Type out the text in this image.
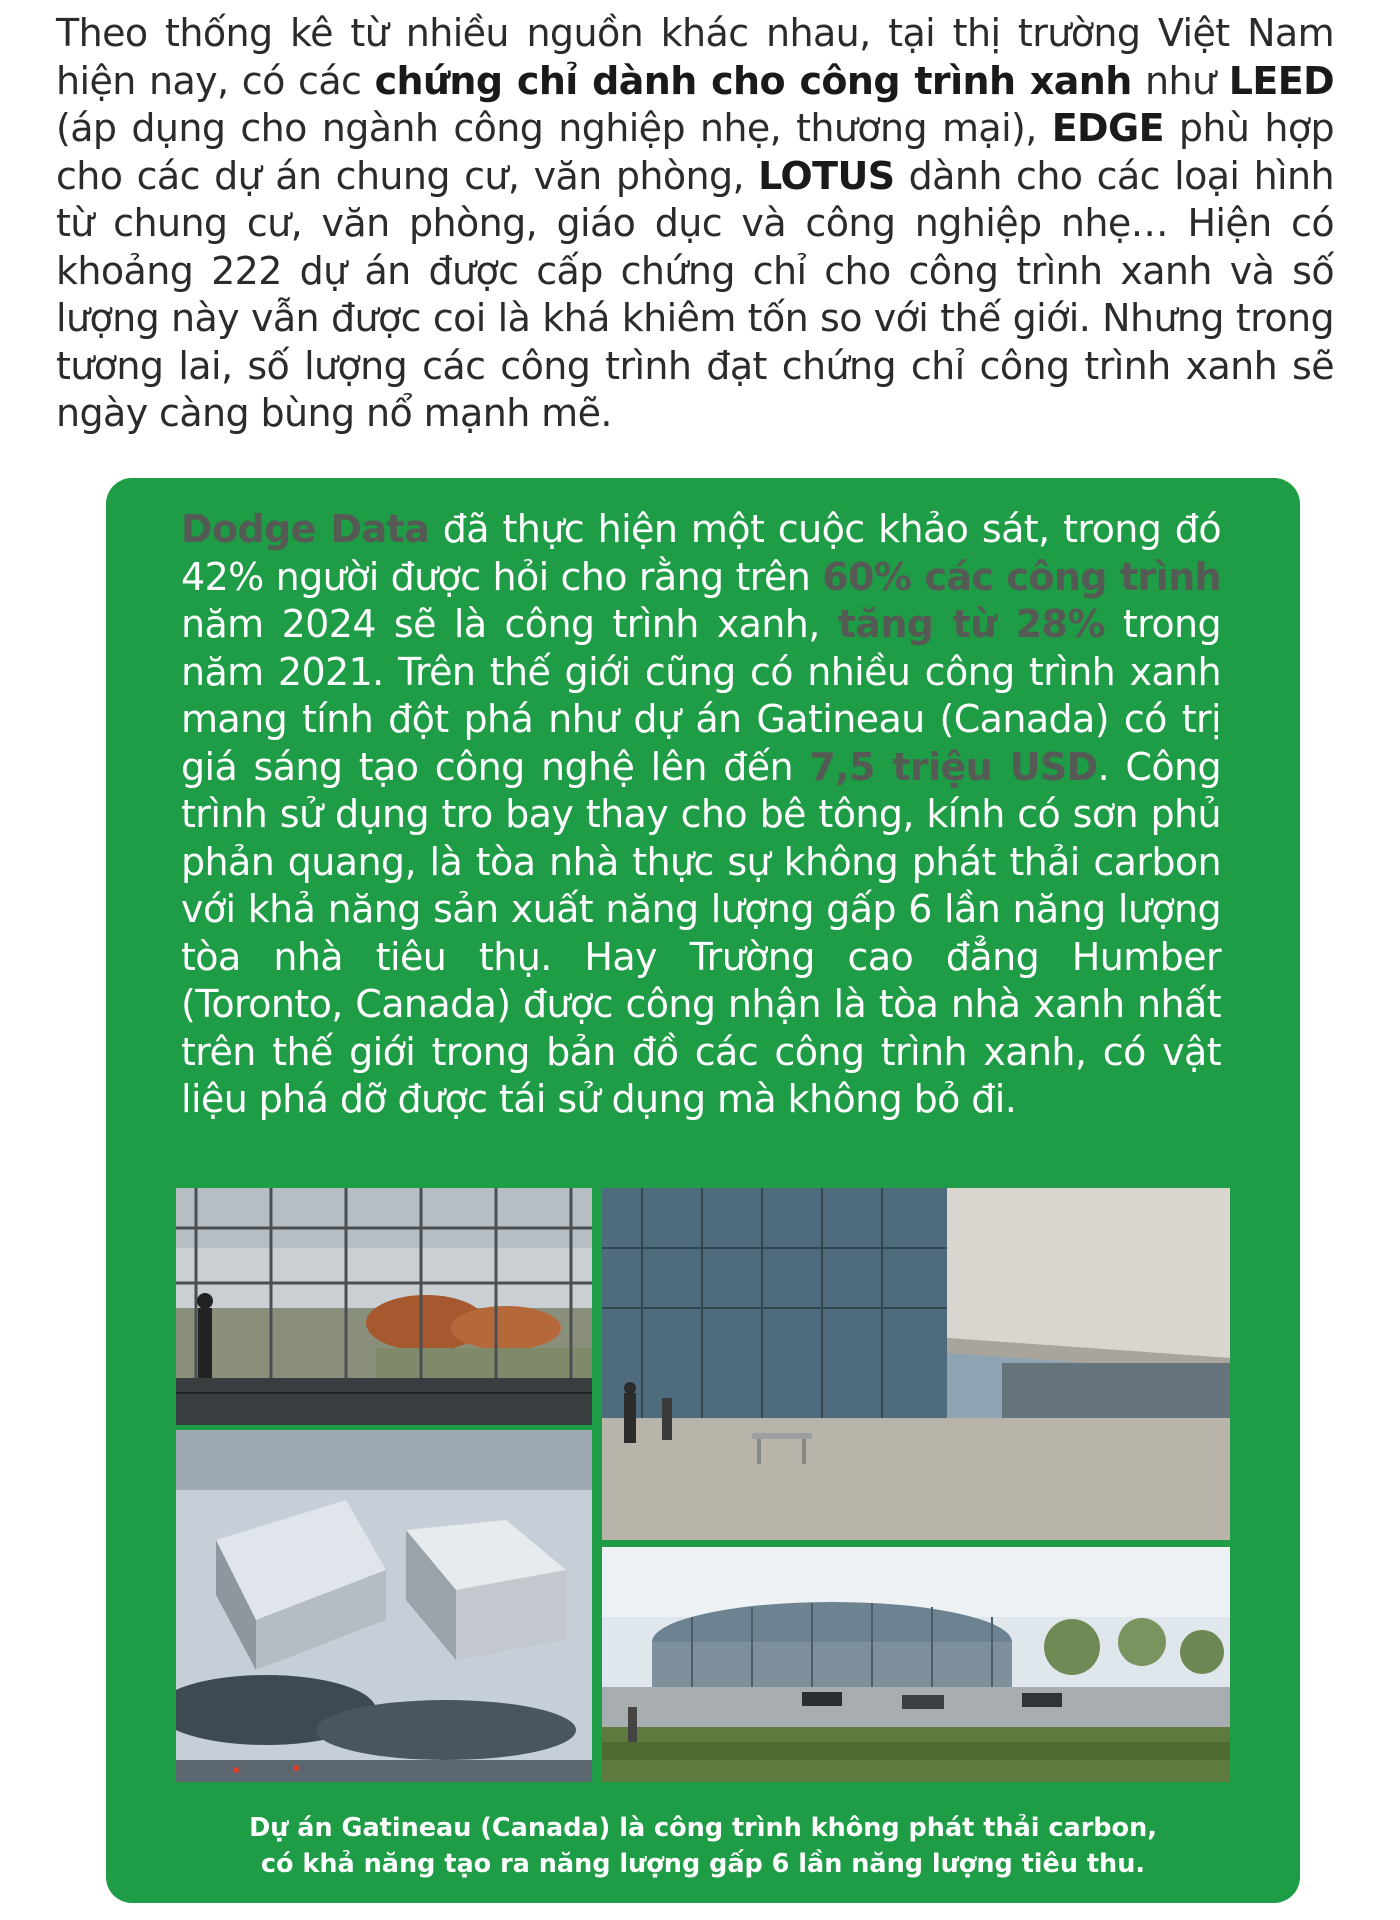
Theo thống kê từ nhiều nguồn khác nhau, tại thị trường Việt Nam hiện nay, có các chứng chỉ dành cho công trình xanh như LEED (áp dụng cho ngành công nghiệp nhẹ, thương mại), EDGE phù hợp cho các dự án chung cư, văn phòng, LOTUS dành cho các loại hình từ chung cư, văn phòng, giáo dục và công nghiệp nhẹ… Hiện có khoảng 222 dự án được cấp chứng chỉ cho công trình xanh và số lượng này vẫn được coi là khá khiêm tốn so với thế giới. Nhưng trong tương lai, số lượng các công trình đạt chứng chỉ công trình xanh sẽ ngày càng bùng nổ mạnh mẽ.
Dodge Data đã thực hiện một cuộc khảo sát, trong đó 42% người được hỏi cho rằng trên 60% các công trình năm 2024 sẽ là công trình xanh, tăng từ 28% trong năm 2021. Trên thế giới cũng có nhiều công trình xanh mang tính đột phá như dự án Gatineau (Canada) có trị giá sáng tạo công nghệ lên đến 7,5 triệu USD. Công trình sử dụng tro bay thay cho bê tông, kính có sơn phủ phản quang, là tòa nhà thực sự không phát thải carbon với khả năng sản xuất năng lượng gấp 6 lần năng lượng tòa nhà tiêu thụ. Hay Trường cao đẳng Humber (Toronto, Canada) được công nhận là tòa nhà xanh nhất trên thế giới trong bản đồ các công trình xanh, có vật liệu phá dỡ được tái sử dụng mà không bỏ đi.
Dự án Gatineau (Canada) là công trình không phát thải carbon,
có khả năng tạo ra năng lượng gấp 6 lần năng lượng tiêu thu.
